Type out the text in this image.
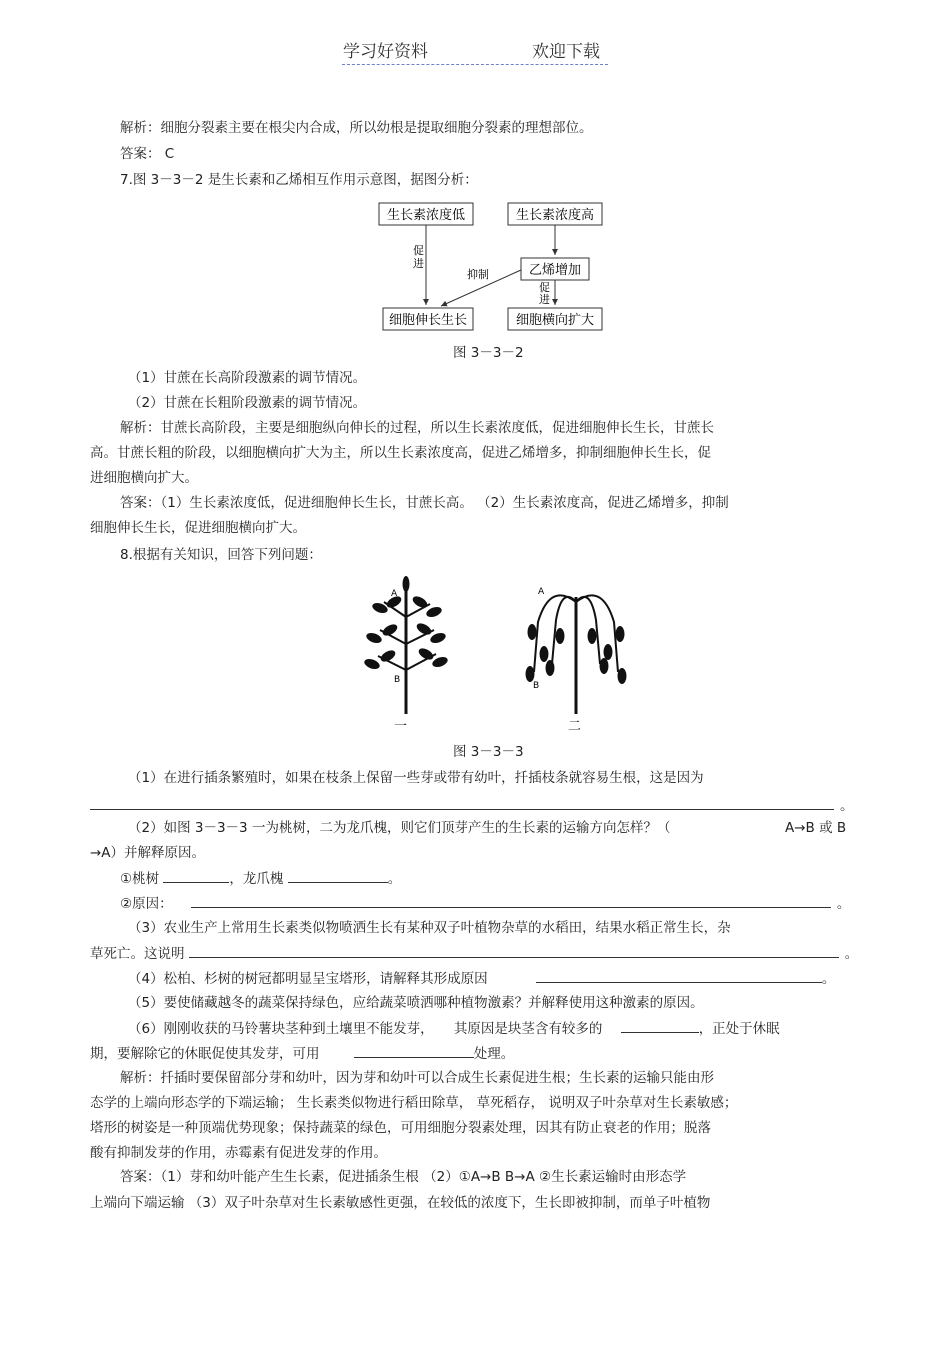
学习好资料	欢迎下载
解析：细胞分裂素主要在根尖内合成，所以幼根是提取细胞分裂素的理想部位。
答案： C
7.图 3－3－2 是生长素和乙烯相互作用示意图，据图分析：
生长素浓度低	生长素浓度高
乙烯增加
细胞伸长生长	细胞横向扩大
促进
抑制
促进
图 3－3－2
（1）甘蔗在长高阶段激素的调节情况。
（2）甘蔗在长粗阶段激素的调节情况。
解析：甘蔗长高阶段，主要是细胞纵向伸长的过程，所以生长素浓度低，促进细胞伸长生长，甘蔗长
高。甘蔗长粗的阶段，以细胞横向扩大为主，所以生长素浓度高，促进乙烯增多，抑制细胞伸长生长，促
进细胞横向扩大。
答案：（1）生长素浓度低，促进细胞伸长生长，甘蔗长高。 （2）生长素浓度高，促进乙烯增多，抑制
细胞伸长生长，促进细胞横向扩大。
8.根据有关知识，回答下列问题：
A
B
一
A
B
二
图 3－3－3
（1）在进行插条繁殖时，如果在枝条上保留一些芽或带有幼叶，扦插枝条就容易生根，这是因为
。
（2）如图 3－3－3 一为桃树，二为龙爪槐，则它们顶芽产生的生长素的运输方向怎样？（	A→B 或 B
→A）并解释原因。
①桃树	，龙爪槐	。
②原因：	。
（3）农业生产上常用生长素类似物喷洒生长有某种双子叶植物杂草的水稻田，结果水稻正常生长，杂
草死亡。这说明	。
（4）松柏、杉树的树冠都明显呈宝塔形，请解释其形成原因	。
（5）要使储藏越冬的蔬菜保持绿色，应给蔬菜喷洒哪种植物激素？并解释使用这种激素的原因。
（6）刚刚收获的马铃薯块茎种到土壤里不能发芽， 其原因是块茎含有较多的	，正处于休眠
期，要解除它的休眠促使其发芽，可用	处理。
解析：扦插时要保留部分芽和幼叶，因为芽和幼叶可以合成生长素促进生根；生长素的运输只能由形
态学的上端向形态学的下端运输； 生长素类似物进行稻田除草， 草死稻存， 说明双子叶杂草对生长素敏感；
塔形的树姿是一种顶端优势现象；保持蔬菜的绿色，可用细胞分裂素处理，因其有防止衰老的作用；脱落
酸有抑制发芽的作用，赤霉素有促进发芽的作用。
答案：（1）芽和幼叶能产生生长素，促进插条生根 （2）①A→B B→A ②生长素运输时由形态学
上端向下端运输 （3）双子叶杂草对生长素敏感性更强，在较低的浓度下，生长即被抑制，而单子叶植物
